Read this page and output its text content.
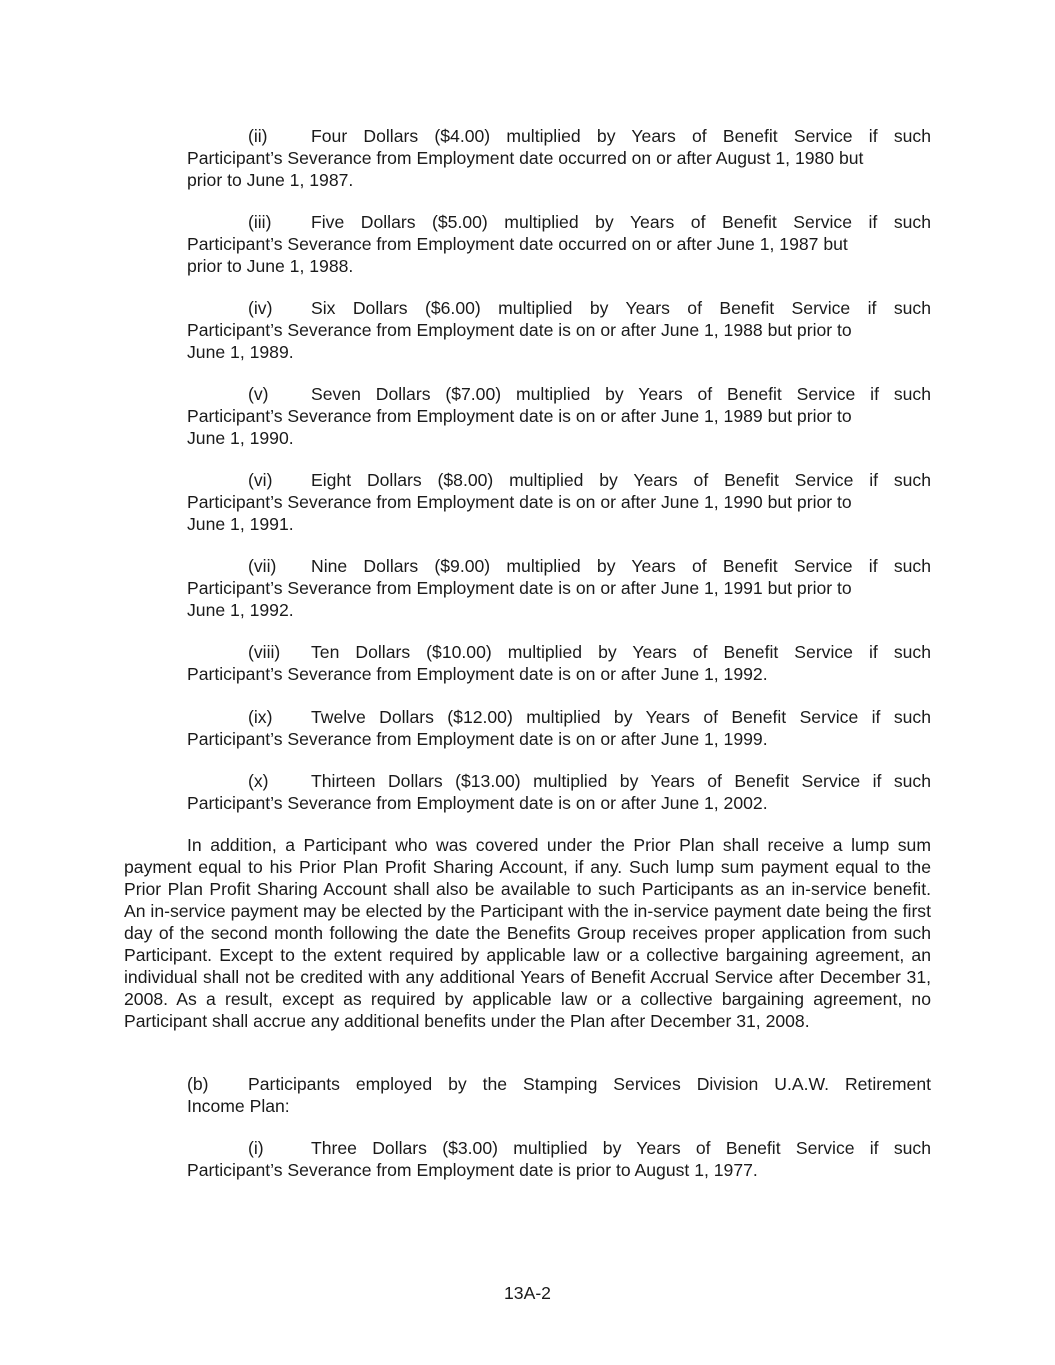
(ii) Four Dollars ($4.00) multiplied by Years of Benefit Service if such

Participant’s Severance from Employment date occurred on or after August 1, 1980 but

prior to June 1, 1987.

(iii) Five Dollars ($5.00) multiplied by Years of Benefit Service if such

Participant’s Severance from Employment date occurred on or after June 1, 1987 but

prior to June 1, 1988.

(iv) Six Dollars ($6.00) multiplied by Years of Benefit Service if such

Participant’s Severance from Employment date is on or after June 1, 1988 but prior to

June 1, 1989.

(v) Seven Dollars ($7.00) multiplied by Years of Benefit Service if such

Participant’s Severance from Employment date is on or after June 1, 1989 but prior to

June 1, 1990.

(vi) Eight Dollars ($8.00) multiplied by Years of Benefit Service if such

Participant’s Severance from Employment date is on or after June 1, 1990 but prior to

June 1, 1991.

(vii) Nine Dollars ($9.00) multiplied by Years of Benefit Service if such

Participant’s Severance from Employment date is on or after June 1, 1991 but prior to

June 1, 1992.

(viii) Ten Dollars ($10.00) multiplied by Years of Benefit Service if such

Participant’s Severance from Employment date is on or after June 1, 1992.

(ix) Twelve Dollars ($12.00) multiplied by Years of Benefit Service if such

Participant’s Severance from Employment date is on or after June 1, 1999.

(x) Thirteen Dollars ($13.00) multiplied by Years of Benefit Service if such

Participant’s Severance from Employment date is on or after June 1, 2002.

In addition, a Participant who was covered under the Prior Plan shall receive a lump sum payment equal to his Prior Plan Profit Sharing Account, if any. Such lump sum payment equal to the Prior Plan Profit Sharing Account shall also be available to such Participants as an in-service benefit. An in-service payment may be elected by the Participant with the in-service payment date being the first day of the second month following the date the Benefits Group receives proper application from such Participant. Except to the extent required by applicable law or a collective bargaining agreement, an individual shall not be credited with any additional Years of Benefit Accrual Service after December 31, 2008. As a result, except as required by applicable law or a collective bargaining agreement, no Participant shall accrue any additional benefits under the Plan after December 31, 2008.

(b) Participants employed by the Stamping Services Division U.A.W. Retirement

Income Plan:

(i)	Three Dollars ($3.00) multiplied by Years of Benefit Service if such

Participant’s Severance from Employment date is prior to August 1, 1977.

13A-2
